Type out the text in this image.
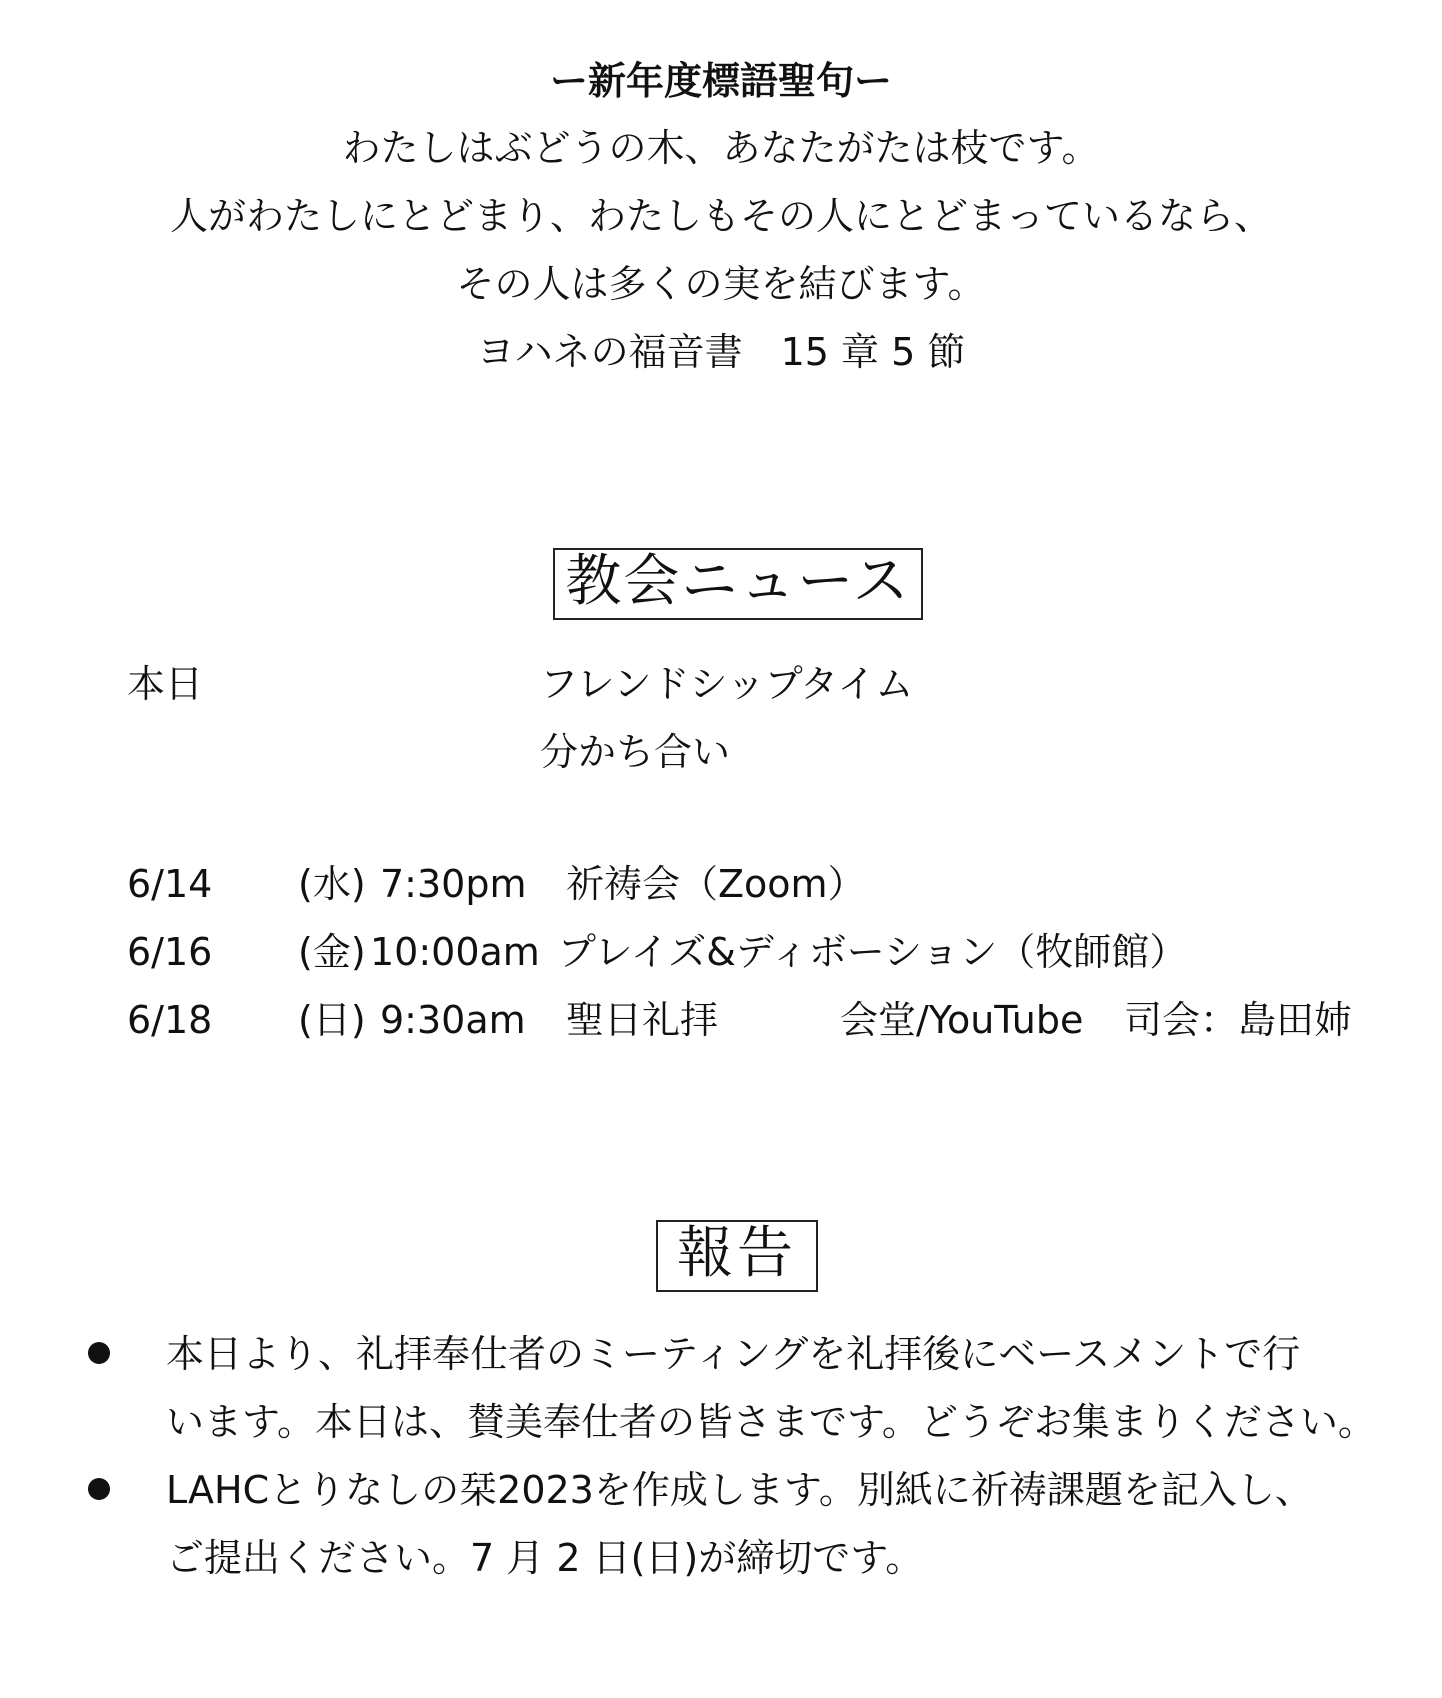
ー新年度標語聖句ー
わたしはぶどうの木、あなたがたは枝です。
人がわたしにとどまり、わたしもその人にとどまっているなら、
その人は多くの実を結びます。
ヨハネの福音書　15 章 5 節
教会ニュース
本日	フレンドシップタイム
分かち合い
6/14 (水) 7:30pm 祈祷会（Zoom）
6/16 (金) 10:00am プレイズ&ディボーション（牧師館）
6/18 (日) 9:30am 聖日礼拝	会堂/YouTube 司会：島田姉
報告
本日より、礼拝奉仕者のミーティングを礼拝後にベースメントで行
います。本日は、賛美奉仕者の皆さまです。どうぞお集まりください。
LAHCとりなしの栞2023を作成します。別紙に祈祷課題を記入し、
ご提出ください。7 月 2 日(日)が締切です。
